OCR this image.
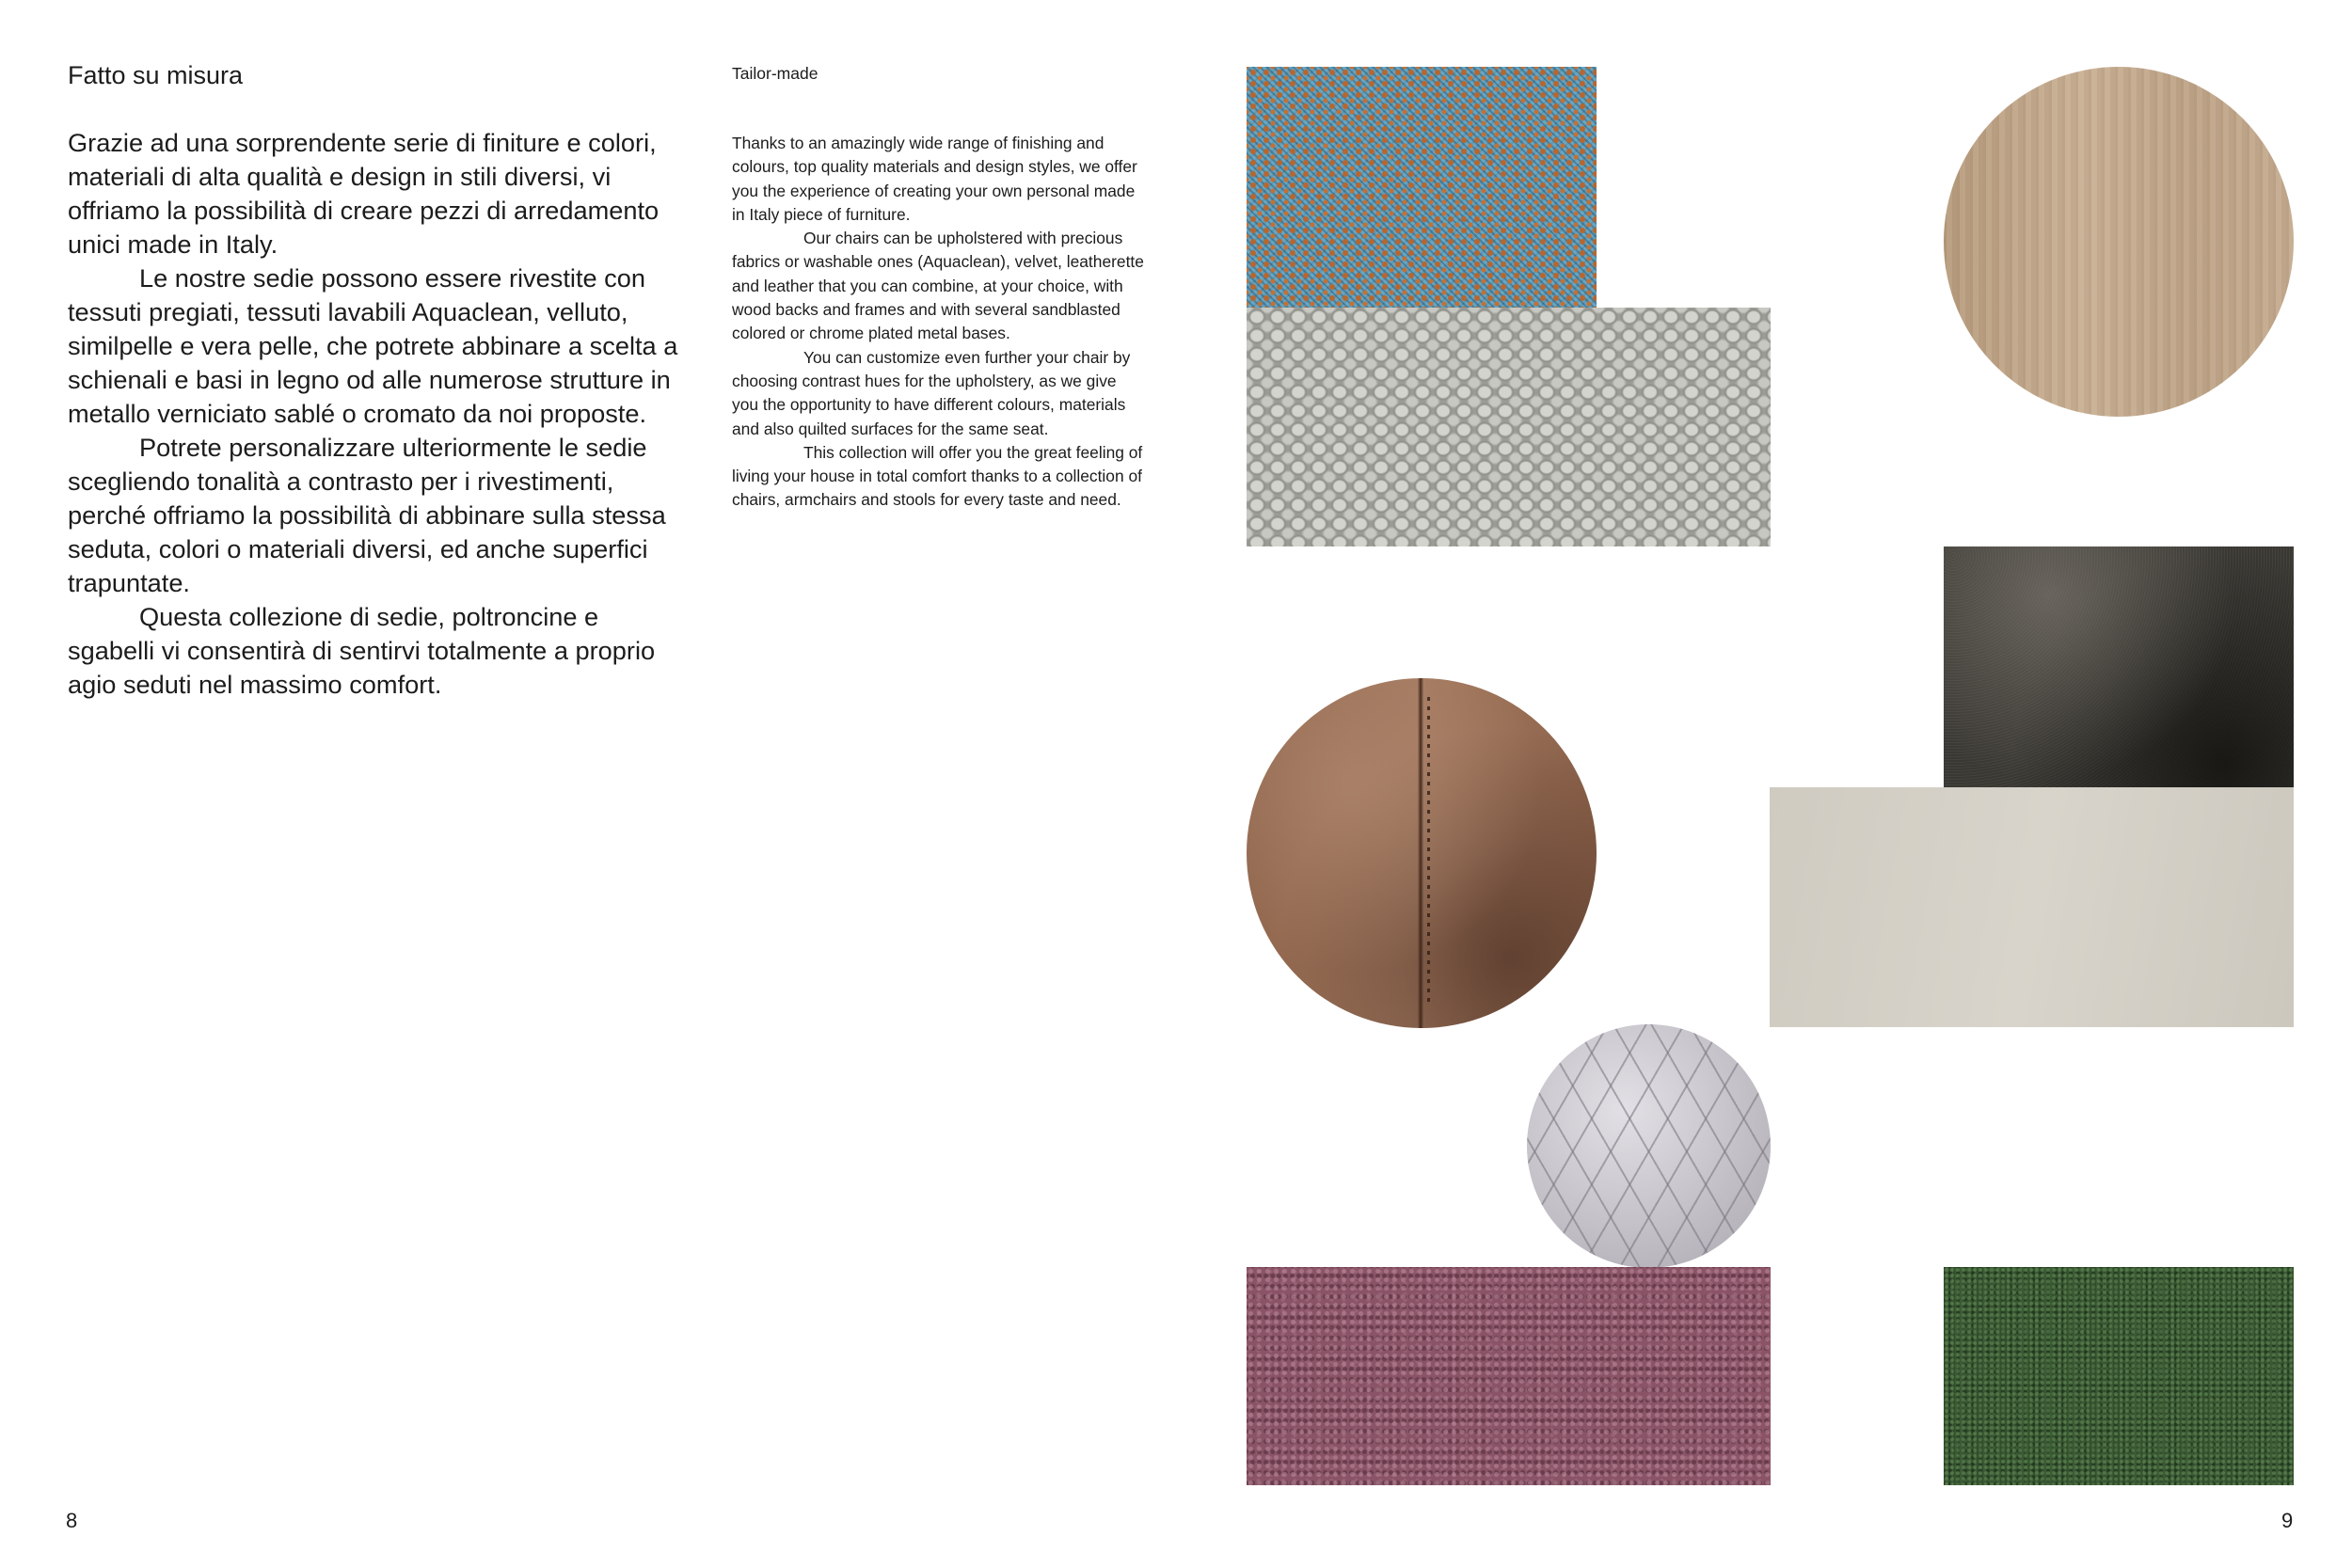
Fatto su misura

Grazie ad una sorprendente serie di finiture e colori, materiali di alta qualità e design in stili diversi, vi offriamo la possibilità di creare pezzi di arredamento unici made in Italy.

Le nostre sedie possono essere rivestite con tessuti pregiati, tessuti lavabili Aquaclean, velluto, similpelle e vera pelle, che potrete abbinare a scelta a schienali e basi in legno od alle numerose strutture in metallo verniciato sablé o cromato da noi proposte.

Potrete personalizzare ulteriormente le sedie scegliendo tonalità a contrasto per i rivestimenti, perché offriamo la possibilità di abbinare sulla stessa seduta, colori o materiali diversi, ed anche superfici trapuntate.

Questa collezione di sedie, poltroncine e sgabelli vi consentirà di sentirvi totalmente a proprio agio seduti nel massimo comfort.

Tailor-made

Thanks to an amazingly wide range of finishing and colours, top quality materials and design styles, we offer you the experience of creating your own personal made in Italy piece of furniture.

Our chairs can be upholstered with precious fabrics or washable ones (Aquaclean), velvet, leatherette and leather that you can combine, at your choice, with wood backs and frames and with several sandblasted colored or chrome plated metal bases.

You can customize even further your chair by choosing contrast hues for the upholstery, as we give you the opportunity to have different colours, materials and also quilted surfaces for the same seat.

This collection will offer you the great feeling of living your house in total comfort thanks to a collection of chairs, armchairs and stools for every taste and need.

8	9
